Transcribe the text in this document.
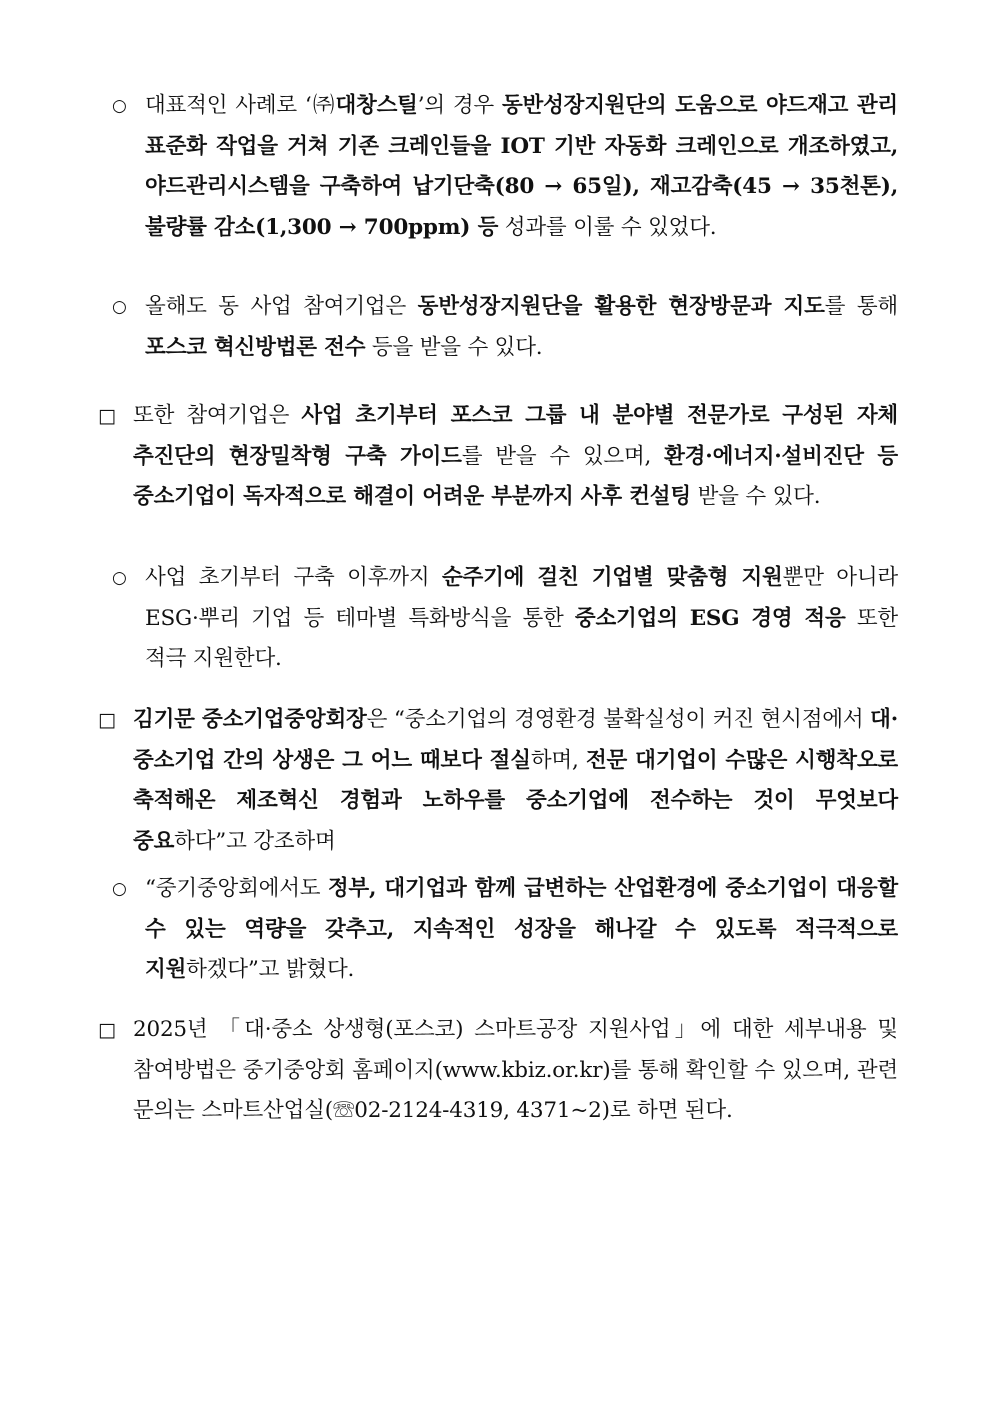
○ 대표적인 사례로 ‘㈜대창스틸’의 경우 동반성장지원단의 도움으로 야드재고 관리 표준화 작업을 거쳐 기존 크레인들을 IOT 기반 자동화 크레인으로 개조하였고, 야드관리시스템을 구축하여 납기단축(80 → 65일), 재고감축(45 → 35천톤), 불량률 감소(1,300 → 700ppm) 등 성과를 이룰 수 있었다.
○ 올해도 동 사업 참여기업은 동반성장지원단을 활용한 현장방문과 지도를 통해 포스코 혁신방법론 전수 등을 받을 수 있다.
□ 또한 참여기업은 사업 초기부터 포스코 그룹 내 분야별 전문가로 구성된 자체 추진단의 현장밀착형 구축 가이드를 받을 수 있으며, 환경·에너지·설비진단 등 중소기업이 독자적으로 해결이 어려운 부분까지 사후 컨설팅 받을 수 있다.
○ 사업 초기부터 구축 이후까지 순주기에 걸친 기업별 맞춤형 지원뿐만 아니라 ESG·뿌리 기업 등 테마별 특화방식을 통한 중소기업의 ESG 경영 적응 또한 적극 지원한다.
□ 김기문 중소기업중앙회장은 “중소기업의 경영환경 불확실성이 커진 현시점에서 대·중소기업 간의 상생은 그 어느 때보다 절실하며, 전문 대기업이 수많은 시행착오로 축적해온 제조혁신 경험과 노하우를 중소기업에 전수하는 것이 무엇보다 중요하다”고 강조하며
○ “중기중앙회에서도 정부, 대기업과 함께 급변하는 산업환경에 중소기업이 대응할 수 있는 역량을 갖추고, 지속적인 성장을 해나갈 수 있도록 적극적으로 지원하겠다”고 밝혔다.
□ 2025년 「대·중소 상생형(포스코) 스마트공장 지원사업」에 대한 세부내용 및 참여방법은 중기중앙회 홈페이지(www.kbiz.or.kr)를 통해 확인할 수 있으며, 관련 문의는 스마트산업실(☏02-2124-4319, 4371~2)로 하면 된다.
